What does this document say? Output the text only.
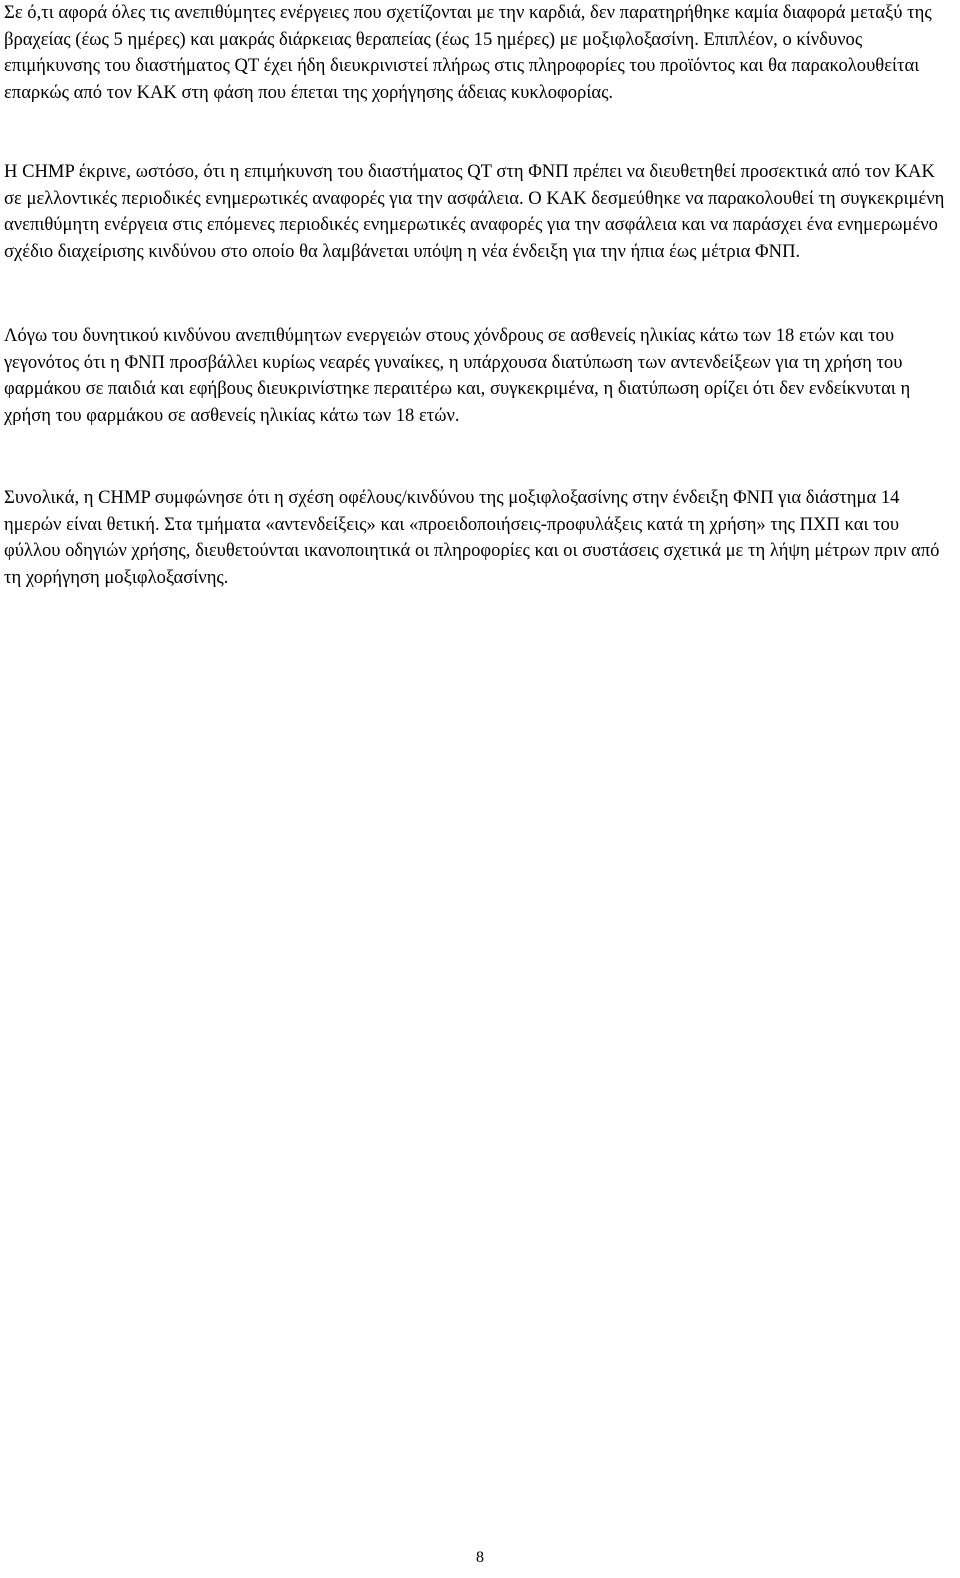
Σε ό,τι αφορά όλες τις ανεπιθύμητες ενέργειες που σχετίζονται με την καρδιά, δεν παρατηρήθηκε καμία διαφορά μεταξύ της βραχείας (έως 5 ημέρες) και μακράς διάρκειας θεραπείας (έως 15 ημέρες) με μοξιφλοξασίνη. Επιπλέον, ο κίνδυνος επιμήκυνσης του διαστήματος QT έχει ήδη διευκρινιστεί πλήρως στις πληροφορίες του προϊόντος και θα παρακολουθείται επαρκώς από τον ΚΑΚ στη φάση που έπεται της χορήγησης άδειας κυκλοφορίας.

Η CHMP έκρινε, ωστόσο, ότι η επιμήκυνση του διαστήματος QT στη ΦΝΠ πρέπει να διευθετηθεί προσεκτικά από τον ΚΑΚ σε μελλοντικές περιοδικές ενημερωτικές αναφορές για την ασφάλεια. Ο ΚΑΚ δεσμεύθηκε να παρακολουθεί τη συγκεκριμένη ανεπιθύμητη ενέργεια στις επόμενες περιοδικές ενημερωτικές αναφορές για την ασφάλεια και να παράσχει ένα ενημερωμένο σχέδιο διαχείρισης κινδύνου στο οποίο θα λαμβάνεται υπόψη η νέα ένδειξη για την ήπια έως μέτρια ΦΝΠ.

Λόγω του δυνητικού κινδύνου ανεπιθύμητων ενεργειών στους χόνδρους σε ασθενείς ηλικίας κάτω των 18 ετών και του γεγονότος ότι η ΦΝΠ προσβάλλει κυρίως νεαρές γυναίκες, η υπάρχουσα διατύπωση των αντενδείξεων για τη χρήση του φαρμάκου σε παιδιά και εφήβους διευκρινίστηκε περαιτέρω και, συγκεκριμένα, η διατύπωση ορίζει ότι δεν ενδείκνυται η χρήση του φαρμάκου σε ασθενείς ηλικίας κάτω των 18 ετών.

Συνολικά, η CHMP συμφώνησε ότι η σχέση οφέλους/κινδύνου της μοξιφλοξασίνης στην ένδειξη ΦΝΠ για διάστημα 14 ημερών είναι θετική. Στα τμήματα «αντενδείξεις» και «προειδοποιήσεις-προφυλάξεις κατά τη χρήση» της ΠΧΠ και του φύλλου οδηγιών χρήσης, διευθετούνται ικανοποιητικά οι πληροφορίες και οι συστάσεις σχετικά με τη λήψη μέτρων πριν από τη χορήγηση μοξιφλοξασίνης.

8
